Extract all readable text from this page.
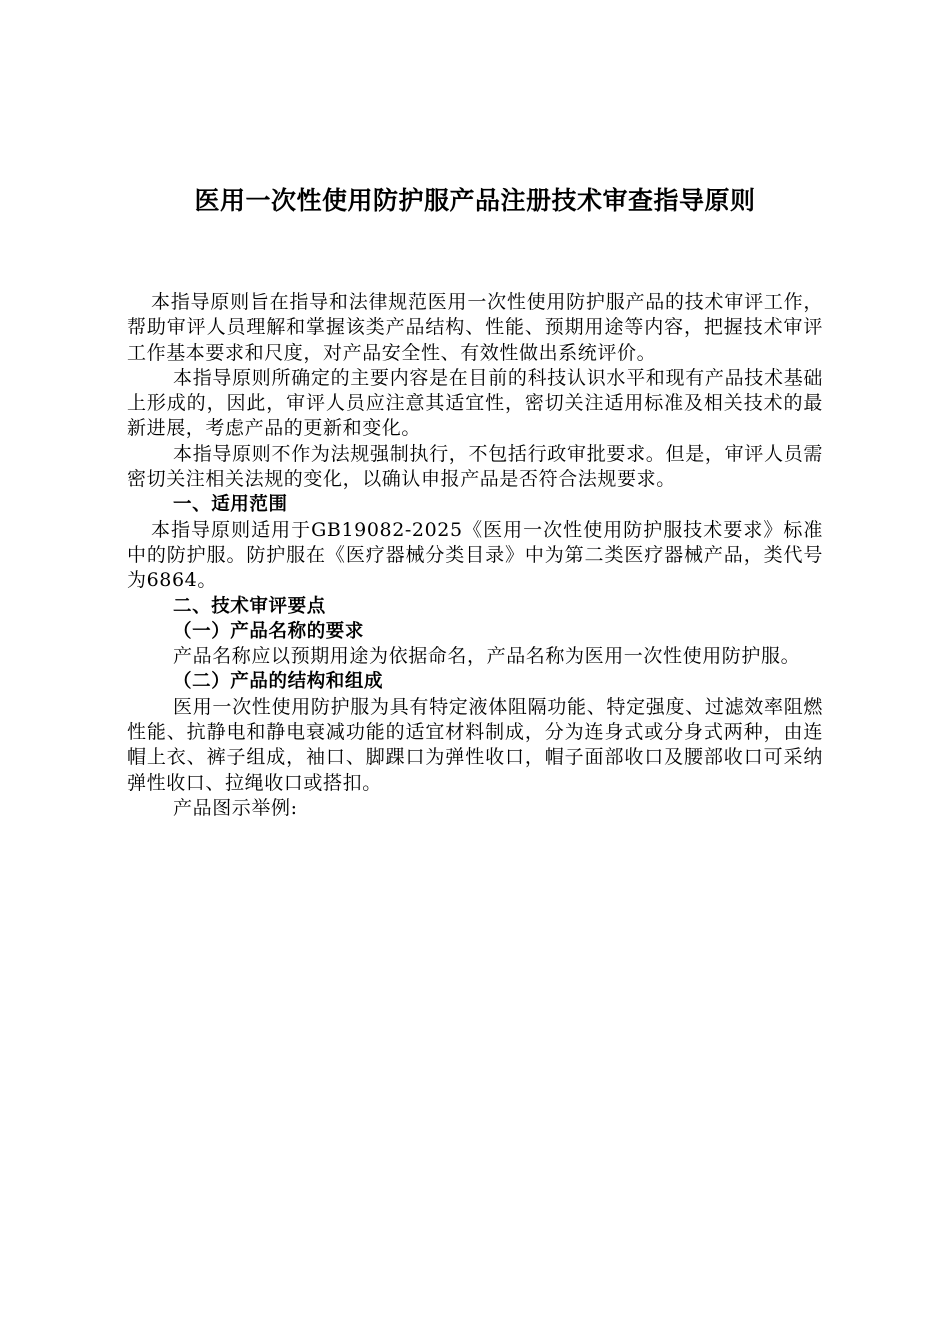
医用一次性使用防护服产品注册技术审查指导原则

本指导原则旨在指导和法律规范医用一次性使用防护服产品的技术审评工作，帮助审评人员理解和掌握该类产品结构、性能、预期用途等内容，把握技术审评工作基本要求和尺度，对产品安全性、有效性做出系统评价。

本指导原则所确定的主要内容是在目前的科技认识水平和现有产品技术基础上形成的，因此，审评人员应注意其适宜性，密切关注适用标准及相关技术的最新进展，考虑产品的更新和变化。

本指导原则不作为法规强制执行，不包括行政审批要求。但是，审评人员需密切关注相关法规的变化，以确认申报产品是否符合法规要求。

一、适用范围

本指导原则适用于GB19082-2025《医用一次性使用防护服技术要求》标准中的防护服。防护服在《医疗器械分类目录》中为第二类医疗器械产品，类代号为6864。

二、技术审评要点

（一）产品名称的要求

产品名称应以预期用途为依据命名，产品名称为医用一次性使用防护服。

（二）产品的结构和组成

医用一次性使用防护服为具有特定液体阻隔功能、特定强度、过滤效率阻燃性能、抗静电和静电衰减功能的适宜材料制成，分为连身式或分身式两种，由连帽上衣、裤子组成，袖口、脚踝口为弹性收口，帽子面部收口及腰部收口可采纳弹性收口、拉绳收口或搭扣。

产品图示举例:
